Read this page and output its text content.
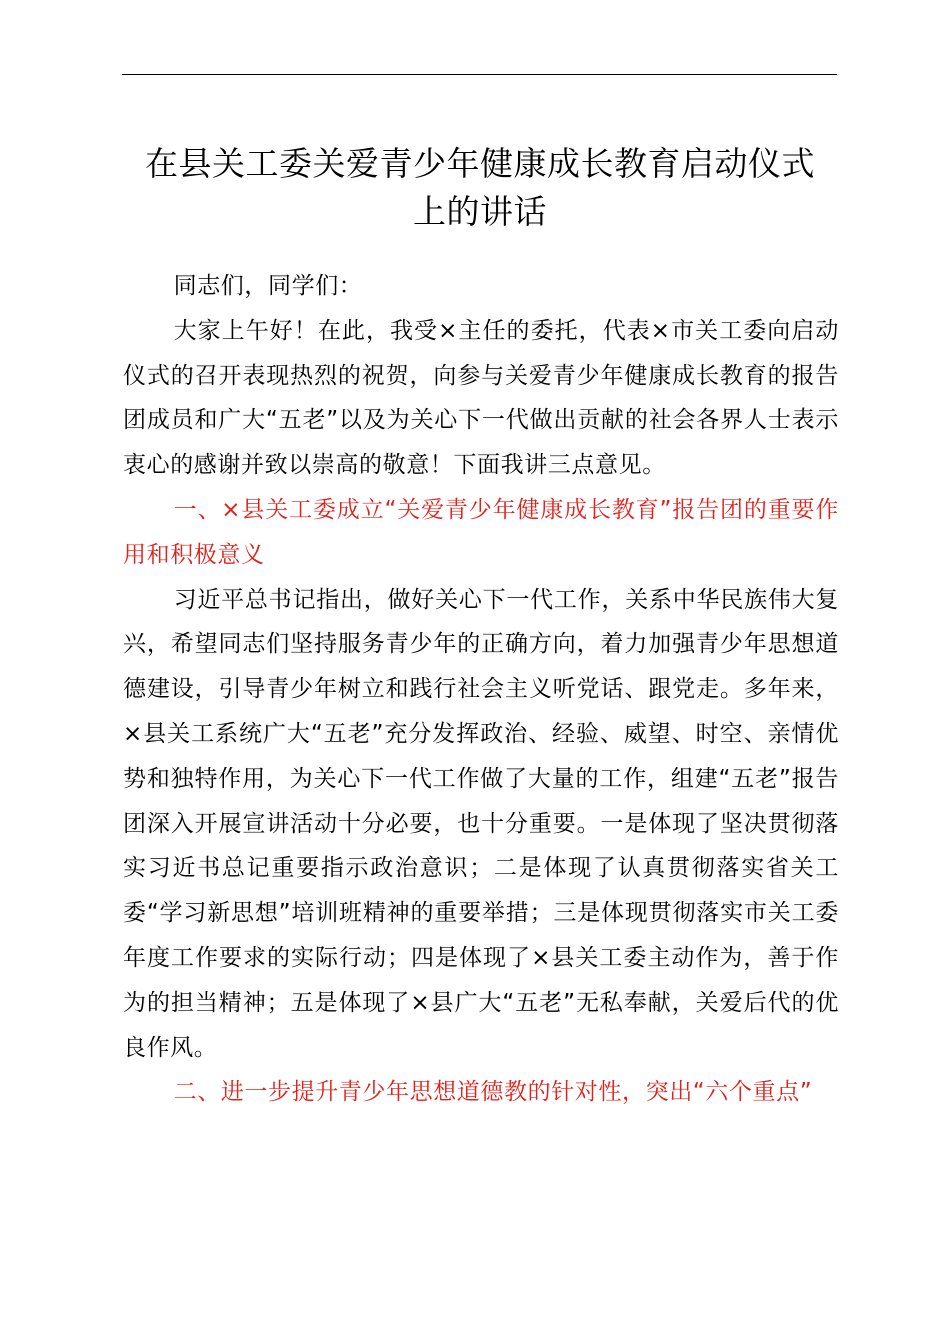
在县关工委关爱青少年健康成长教育启动仪式
上的讲话

同志们，同学们：

大家上午好！在此，我受×主任的委托，代表×市关工委向启动仪式的召开表现热烈的祝贺，向参与关爱青少年健康成长教育的报告团成员和广大“五老”以及为关心下一代做出贡献的社会各界人士表示衷心的感谢并致以崇高的敬意！下面我讲三点意见。

一、×县关工委成立“关爱青少年健康成长教育”报告团的重要作用和积极意义

习近平总书记指出，做好关心下一代工作，关系中华民族伟大复兴，希望同志们坚持服务青少年的正确方向，着力加强青少年思想道德建设，引导青少年树立和践行社会主义听党话、跟党走。多年来，×县关工系统广大“五老”充分发挥政治、经验、威望、时空、亲情优势和独特作用，为关心下一代工作做了大量的工作，组建“五老”报告团深入开展宣讲活动十分必要，也十分重要。一是体现了坚决贯彻落实习近书总记重要指示政治意识；二是体现了认真贯彻落实省关工委“学习新思想”培训班精神的重要举措；三是体现贯彻落实市关工委年度工作要求的实际行动；四是体现了×县关工委主动作为，善于作为的担当精神；五是体现了×县广大“五老”无私奉献，关爱后代的优良作风。

二、进一步提升青少年思想道德教的针对性，突出“六个重点”
